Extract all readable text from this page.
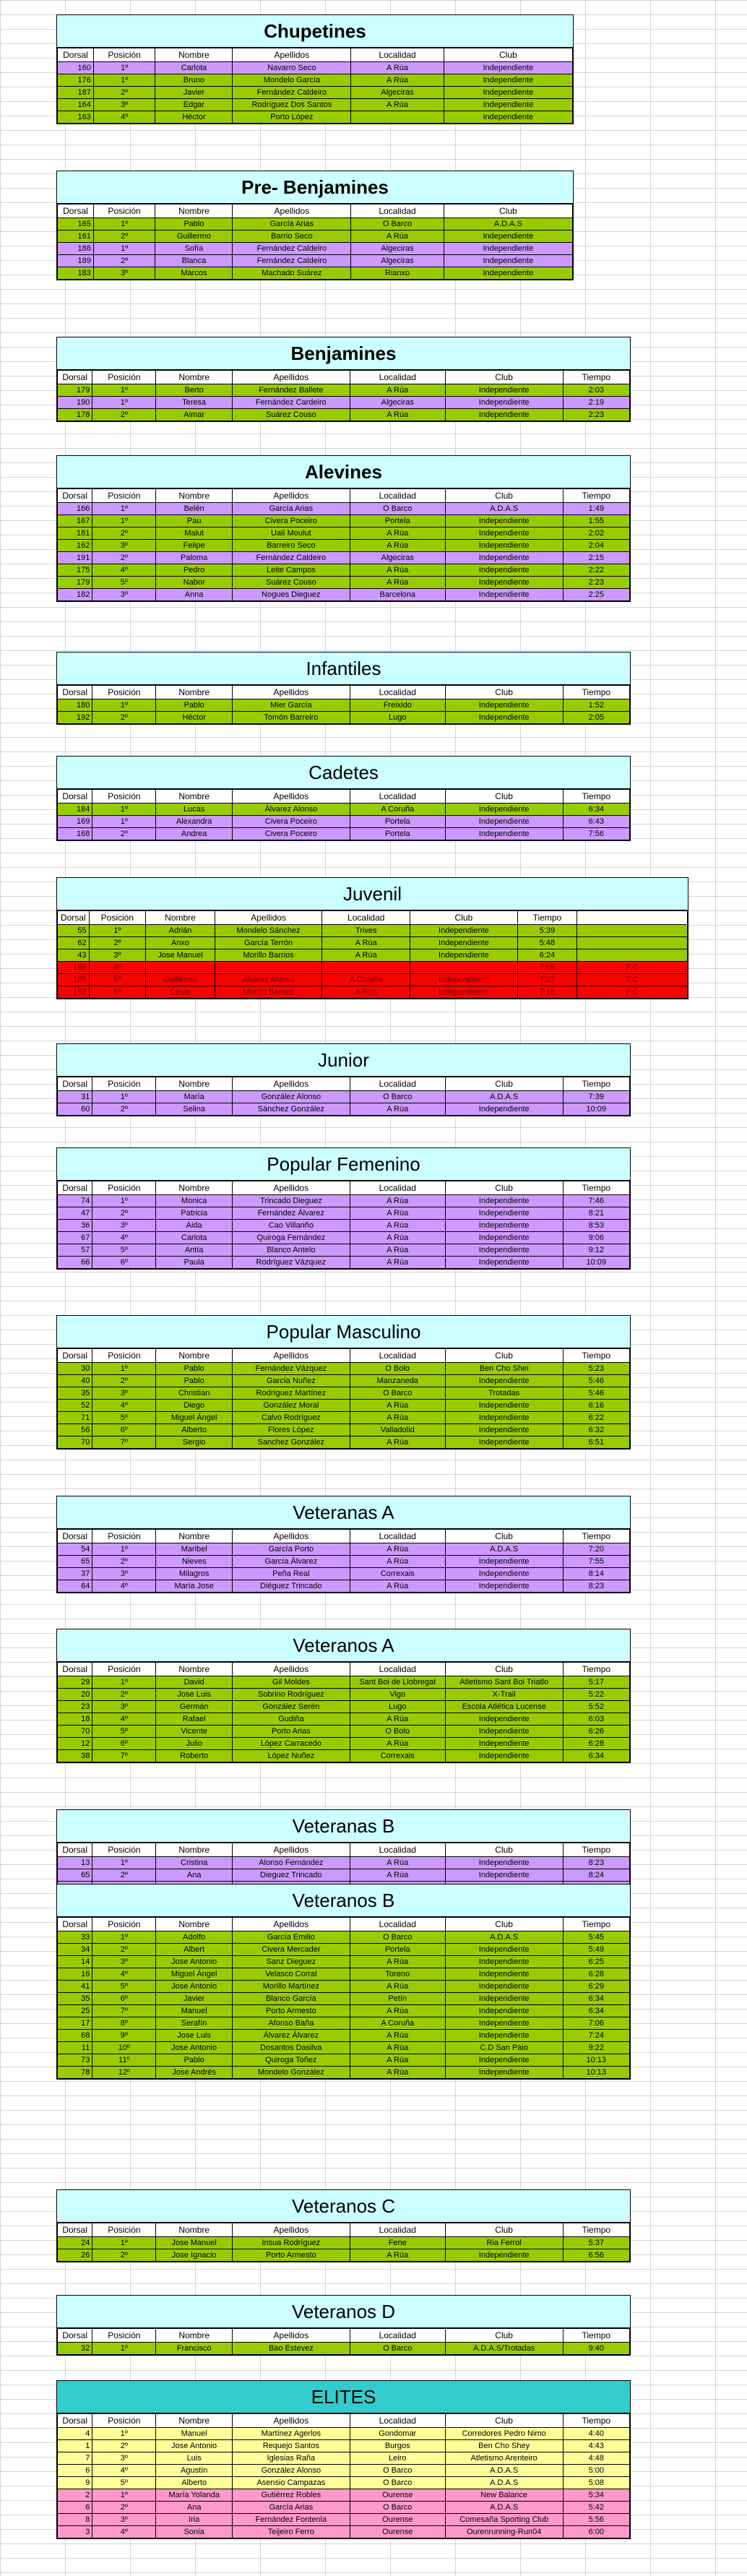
Chupetines
Dorsal	Posición	Nombre	Apellidos	Localidad	Club
160	1º	Carlota	Navarro Seco	A Rúa	Independiente
176	1º	Bruno	Mondelo García	A Rúa	Independiente
187	2º	Javier	Fernández Caldeiro	Algeciras	Independiente
164	3º	Edgar	Rodríguez Dos Santos	A Rúa	Independiente
163	4º	Héctor	Porto López		Independiente
Pre- Benjamines
Dorsal	Posición	Nombre	Apellidos	Localidad	Club
165	1º	Pablo	García Arias	O Barco	A.D.A.S
161	2º	Guillermo	Barrio Seco	A Rúa	Independiente
188	1º	Sofía	Fernández Caldeiro	Algeciras	Independiente
189	2º	Blanca	Fernández Caldeiro	Algeciras	Independiente
183	3º	Marcos	Machado Suárez	Rianxo	Independiente
Benjamines
Dorsal	Posición	Nombre	Apellidos	Localidad	Club	Tiempo
179	1º	Berto	Fernández Ballete	A Rúa	Independiente	2:03
190	1º	Teresa	Fernández Cardeiro	Algeciras	Independiente	2:19
178	2º	Aimar	Suárez Couso	A Rúa	Independiente	2:23
Alevines
Dorsal	Posición	Nombre	Apellidos	Localidad	Club	Tiempo
166	1º	Belén	García Arias	O Barco	A.D.A.S	1:49
167	1º	Pau	Civera Poceiro	Portela	Independiente	1:55
181	2º	Malut	Ualí Moulut	A Rúa	Independiente	2:02
162	3º	Felipe	Barreiro Seco	A Rúa	Independiente	2:04
191	2º	Paloma	Fernández Caldeiro	Algeciras	Independiente	2:15
175	4º	Pedro	Leite Campos	A Rúa	Independiente	2:22
179	5º	Nabor	Suárez Couso	A Rúa	Independiente	2:23
182	3º	Anna	Nogues Dieguez	Barcelona	Independiente	2:25
Infantiles
Dorsal	Posición	Nombre	Apellidos	Localidad	Club	Tiempo
180	1º	Pablo	Mier García	Freixido	Independiente	1:52
192	2º	Héctor	Tomón Barreiro	Lugo	Independiente	2:05
Cadetes
Dorsal	Posición	Nombre	Apellidos	Localidad	Club	Tiempo
184	1º	Lucas	Álvarez Alonso	A Coruña	Independiente	6:34
169	1º	Alexandra	Civera Poceiro	Portela	Independiente	6:43
168	2º	Andrea	Civera Poceiro	Portela	Independiente	7:56
Juvenil
Dorsal	Posición	Nombre	Apellidos	Localidad	Club	Tiempo	
55	1º	Adrián	Mondelo Sánchez	Trives	Independiente	5:39	
62	2º	Anxo	García Terrón	A Rúa	Independiente	5:48	
43	3º	Jose Manuel	Morillo Barrios	A Rúa	Independiente	6:24	
186	4º					7:08	F.C
185	5º	Guillermo	Álvarez Alonso	A Coruña	Independiente	7:07	F.C
158	6º	César	Morillo Barrios	A Rúa	Independiente	7:18	F.C
Junior
Dorsal	Posición	Nombre	Apellidos	Localidad	Club	Tiempo
31	1º	María	González Alonso	O Barco	A.D.A.S	7:39
60	2º	Selina	Sánchez González	A Rúa	Independiente	10:09
Popular Femenino
Dorsal	Posición	Nombre	Apellidos	Localidad	Club	Tiempo
74	1º	Monica	Trincado Dieguez	A Rúa	Independiente	7:46
47	2º	Patricia	Fernández Álvarez	A Rúa	Independiente	8:21
36	3º	Aida	Cao Villariño	A Rúa	Independiente	8:53
67	4º	Carlota	Quiroga Fernández	A Rúa	Independiente	9:06
57	5º	Antía	Blanco Antelo	A Rúa	Independiente	9:12
66	6º	Paula	Rodríguez Vázquez	A Rúa	Independiente	10:09
Popular Masculino
Dorsal	Posición	Nombre	Apellidos	Localidad	Club	Tiempo
30	1º	Pablo	Fernández Vázquez	O Bolo	Ben Cho Shei	5:23
40	2º	Pablo	García Nuñez	Manzaneda	Independiente	5:46
35	3º	Christian	Rodríguez Martínez	O Barco	Trotadas	5:46
52	4º	Diego	González Moral	A Rúa	Independiente	6:16
71	5º	Miguel Ángel	Calvo Rodríguez	A Rúa	Independiente	6:22
56	6º	Alberto	Flores López	Valladolid	Independiente	6:32
70	7º	Sergio	Sanchez González	A Rúa	Independiente	6:51
Veteranas A
Dorsal	Posición	Nombre	Apellidos	Localidad	Club	Tiempo
54	1º	Maribel	García Porto	A Rúa	A.D.A.S	7:20
65	2º	Nieves	García Álvarez	A Rúa	Independiente	7:55
37	3º	Milagros	Peña Real	Correxais	Independiente	8:14
64	4º	María Jose	Diéguez Trincado	A Rúa	Independiente	8:23
Veteranos A
Dorsal	Posición	Nombre	Apellidos	Localidad	Club	Tiempo
29	1º	David	Gil Moldes	Sant Boi de Llobregat	Atletismo Sant Boi Triatlo	5:17
20	2º	Jose Luis	Sobrino Rodríguez	Vigo	X-Trail	5:22
23	3º	Germán	González Serén	Lugo	Escola Atlética Lucense	5:52
18	4º	Rafael	Gudiña	A Rúa	Independiente	6:03
70	5º	Vicente	Porto Arias	O Bolo	Independiente	6:26
12	6º	Julio	López Carracedo	A Rúa	Independiente	6:28
38	7º	Roberto	López Nuñez	Correxais	Independiente	6:34
Veteranas B
Dorsal	Posición	Nombre	Apellidos	Localidad	Club	Tiempo
13	1º	Cristina	Alonso Fernández	A Rúa	Independiente	8:23
65	2º	Ana	Dieguez Trincado	A Rúa	Independiente	8:24

Veteranos B
Dorsal	Posición	Nombre	Apellidos	Localidad	Club	Tiempo
33	1º	Adolfo	García Emilio	O Barco	A.D.A.S	5:45
34	2º	Albert	Civera Mercader	Portela	Independiente	5:49
14	3º	Jose Antonio	Sanz Dieguez	A Rúa	Independiente	6:25
16	4º	Miguel Ángel	Velasco Corral	Toreno	Independiente	6:28
41	5º	Jose Antonio	Morillo Martínez	A Rúa	Independiente	6:29
35	6º	Javier	Blanco García	Petín	Independiente	6:34
25	7º	Manuel	Porto Armesto	A Rúa	Independiente	6:34
17	8º	Serafín	Afonso Baña	A Coruña	Independiente	7:06
68	9º	Jose Luis	Álvarez Álvarez	A Rúa	Independiente	7:24
11	10º	Jose Antonio	Dosantos Dasilva	A Rúa	C.D San Paio	9:22
73	11º	Pablo	Quiroga Toñez	A Rúa	Independiente	10:13
78	12º	Jose Andrés	Mondelo González	A Rúa	Independiente	10:13
Veteranos C
Dorsal	Posición	Nombre	Apellidos	Localidad	Club	Tiempo
24	1º	Jose Manuel	Insua Rodríguez	Fene	Ria Ferrol	5:37
26	2º	Jose Ignacio	Porto Armesto	A Rúa	Independiente	6:56
Veteranos D
Dorsal	Posición	Nombre	Apellidos	Localidad	Club	Tiempo
32	1º	Francisco	Bao Estevez	O Barco	A.D.A.S/Trotadas	9:40
ELITES
Dorsal	Posición	Nombre	Apellidos	Localidad	Club	Tiempo
4	1º	Manuel	Martínez Agerlos	Gondomar	Corredores Pedro Nimo	4:40
1	2º	Jose Antonio	Requejo Santos	Burgos	Ben Cho Shey	4:43
7	3º	Luis	Iglesias Raña	Leiro	Atletismo Arenteiro	4:48
6	4º	Agustín	González Alonso	O Barco	A.D.A.S	5:00
9	5º	Alberto	Asensio Campazas	O Barco	A.D.A.S	5:08
2	1º	María Yolanda	Gutiérrez Robles	Ourense	New Balance	5:34
6	2º	Ana	García Arias	O Barco	A.D.A.S	5:42
8	3º	Iria	Fernández Fontenla	Ourense	Comesaña Sporting Club	5:56
3	4º	Sonia	Teijeiro Ferro	Ourense	Ourenrunning-Run04	6:00
